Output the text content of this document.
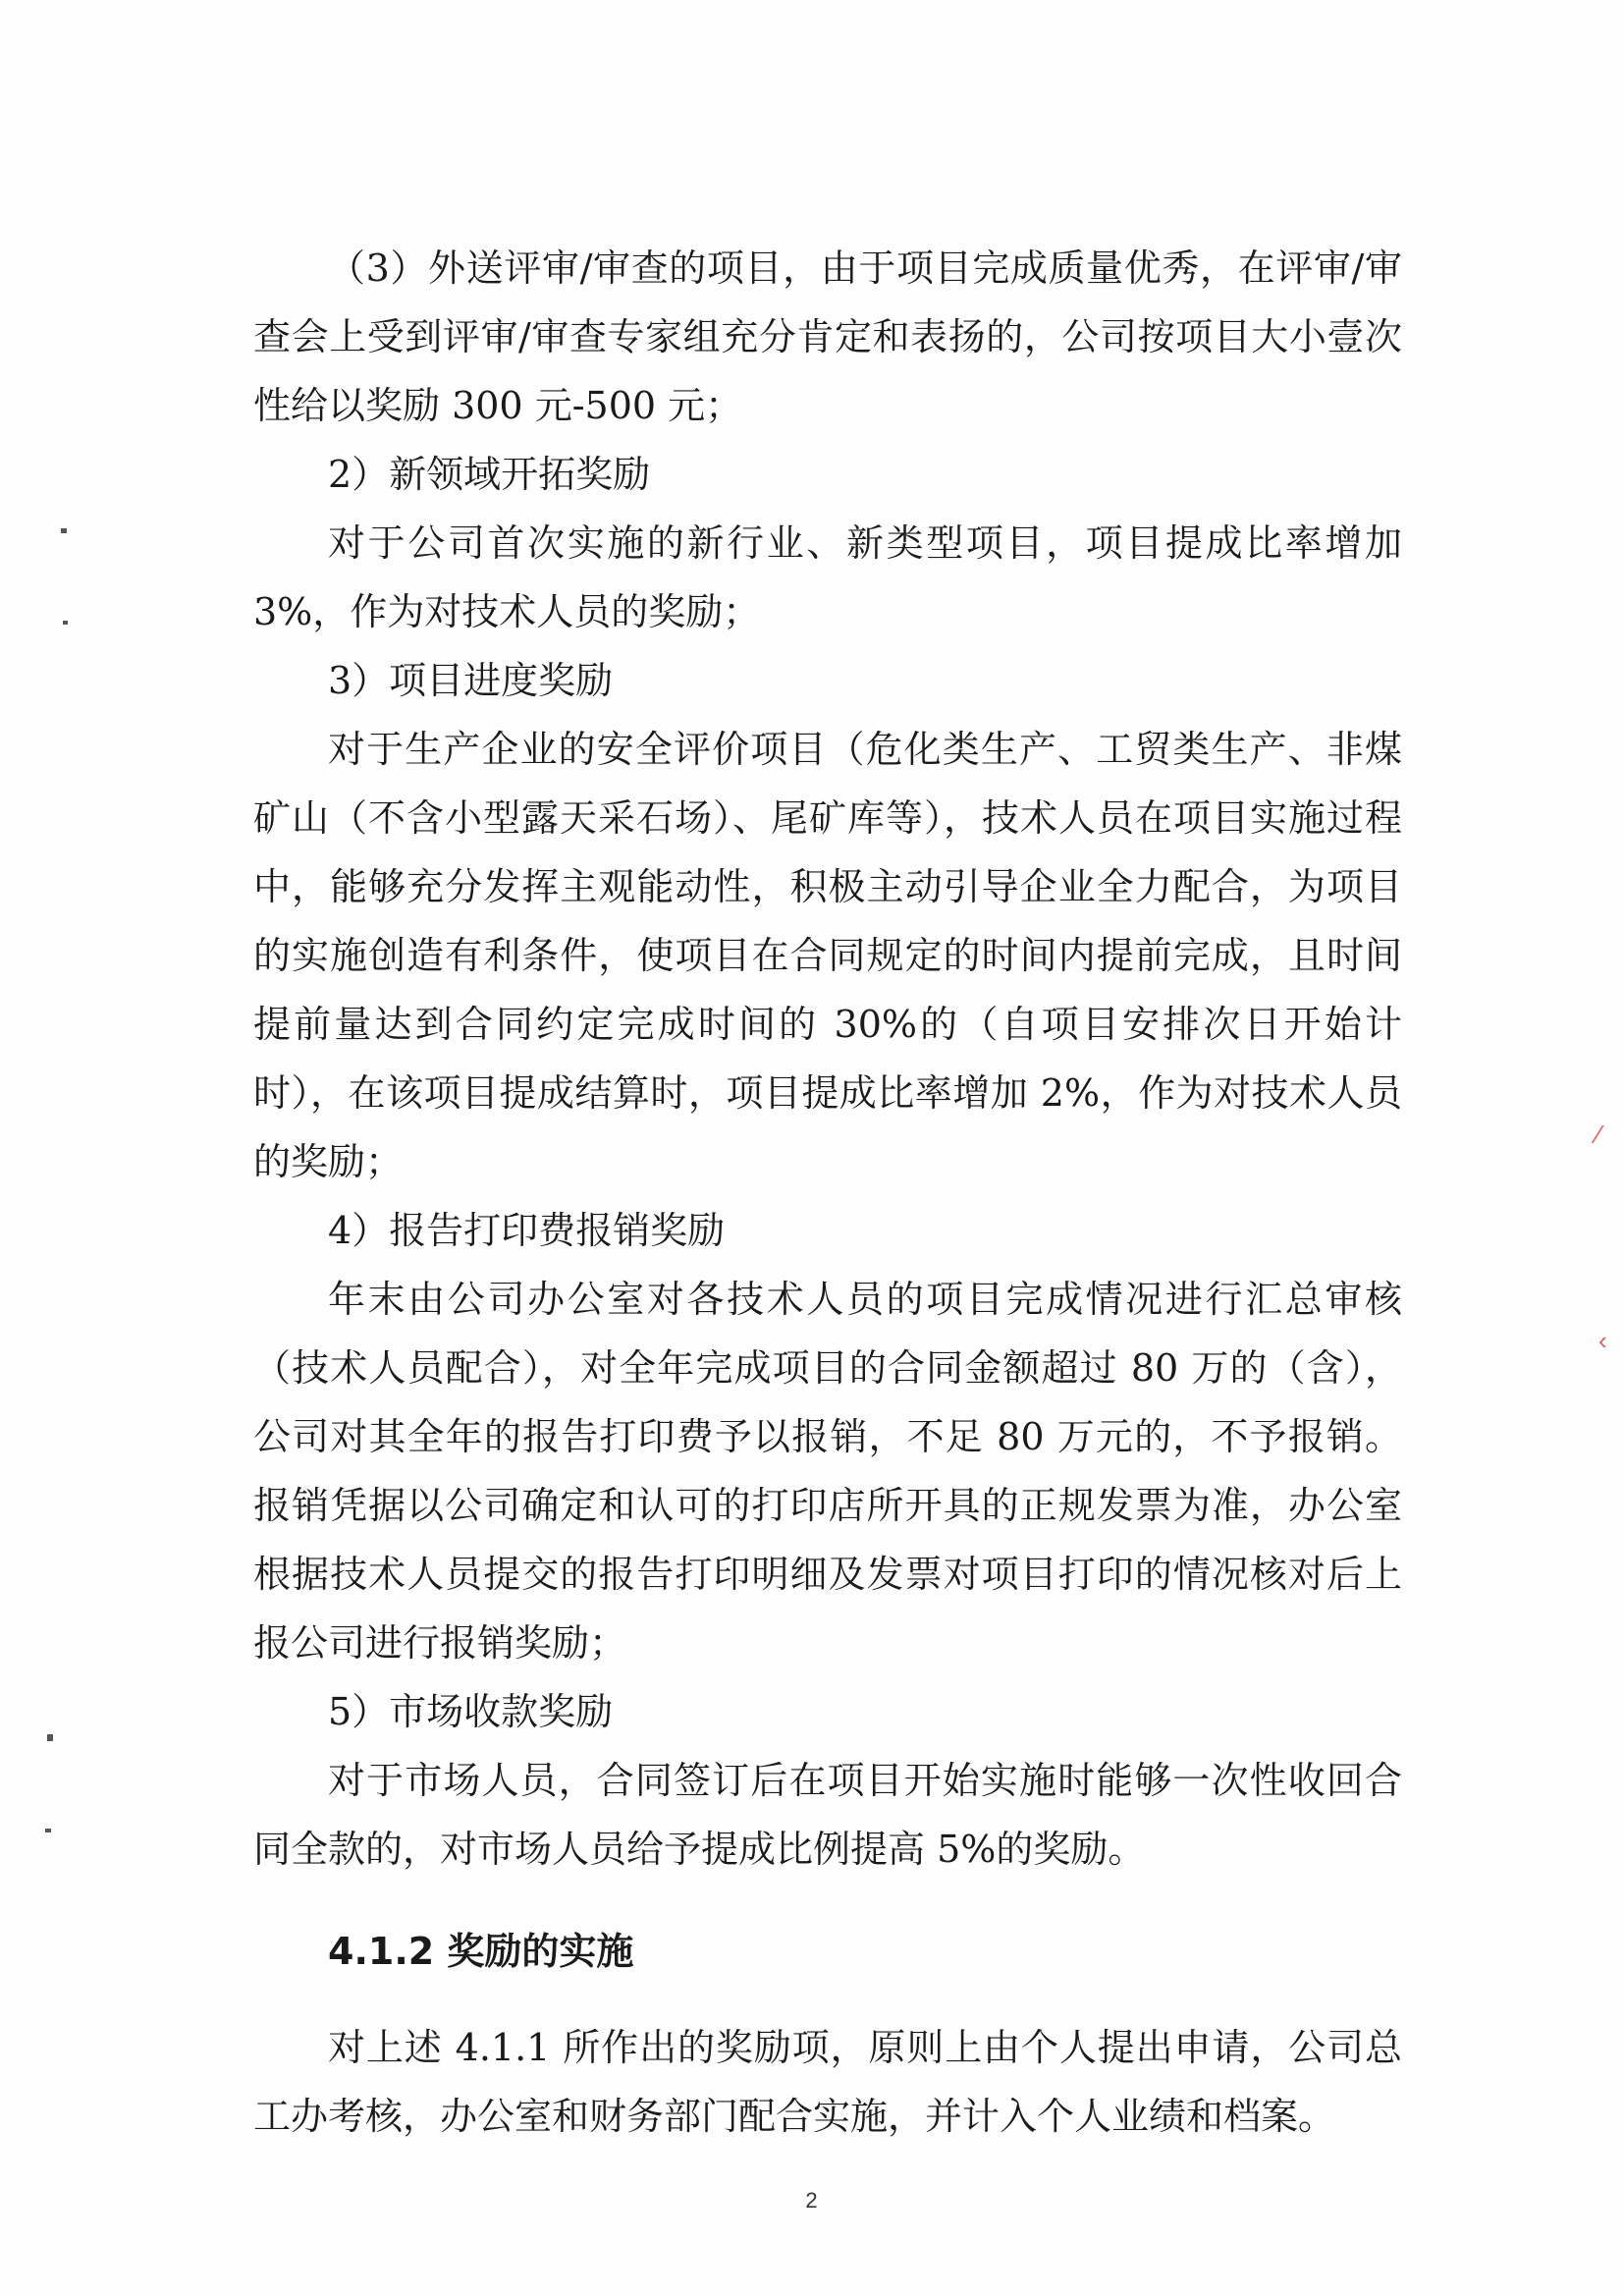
（3）外送评审/审查的项目，由于项目完成质量优秀，在评审/审查会上受到评审/审查专家组充分肯定和表扬的，公司按项目大小壹次性给以奖励 300 元-500 元；

2）新领域开拓奖励

对于公司首次实施的新行业、新类型项目，项目提成比率增加3%，作为对技术人员的奖励；

3）项目进度奖励

对于生产企业的安全评价项目（危化类生产、工贸类生产、非煤矿山（不含小型露天采石场）、尾矿库等），技术人员在项目实施过程中，能够充分发挥主观能动性，积极主动引导企业全力配合，为项目的实施创造有利条件，使项目在合同规定的时间内提前完成，且时间提前量达到合同约定完成时间的 30%的（自项目安排次日开始计时），在该项目提成结算时，项目提成比率增加 2%，作为对技术人员的奖励；

4）报告打印费报销奖励

年末由公司办公室对各技术人员的项目完成情况进行汇总审核（技术人员配合），对全年完成项目的合同金额超过 80 万的（含），公司对其全年的报告打印费予以报销，不足 80 万元的，不予报销。报销凭据以公司确定和认可的打印店所开具的正规发票为准，办公室根据技术人员提交的报告打印明细及发票对项目打印的情况核对后上报公司进行报销奖励；

5）市场收款奖励

对于市场人员，合同签订后在项目开始实施时能够一次性收回合同全款的，对市场人员给予提成比例提高 5%的奖励。

4.1.2 奖励的实施

对上述 4.1.1 所作出的奖励项，原则上由个人提出申请，公司总工办考核，办公室和财务部门配合实施，并计入个人业绩和档案。

2
⁄
‹
